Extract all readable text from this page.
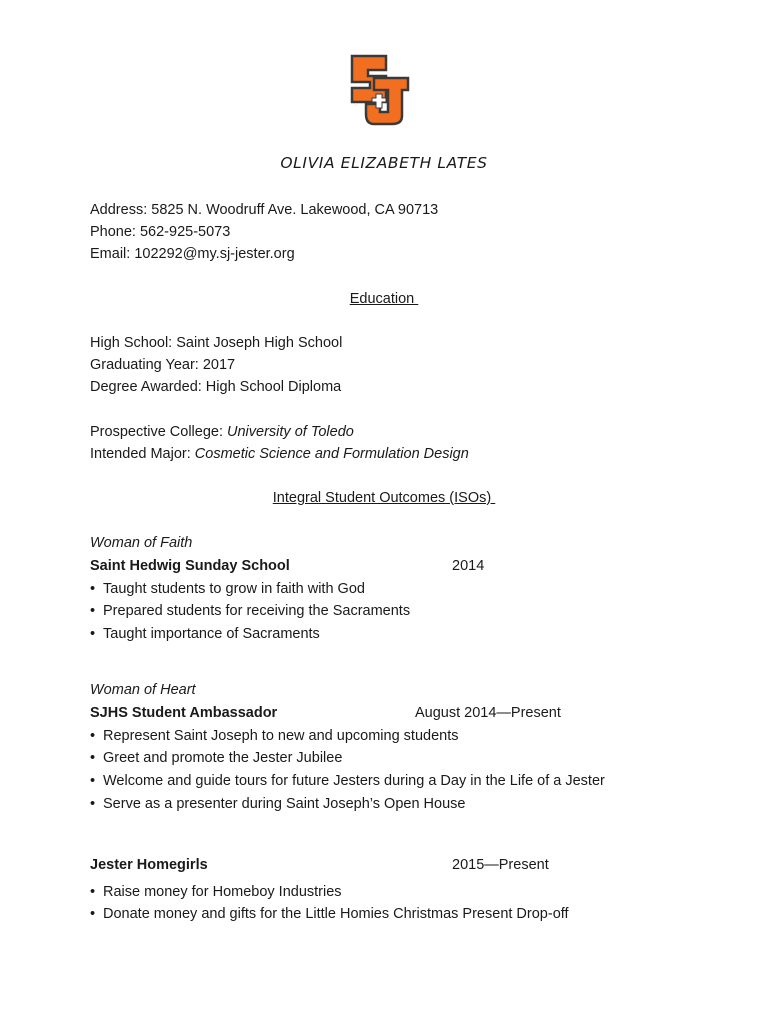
OLIVIA ELIZABETH LATES
Address: 5825 N. Woodruff Ave. Lakewood, CA 90713
Phone: 562-925-5073
Email: 102292@my.sj-jester.org
Education
High School: Saint Joseph High School
Graduating Year: 2017
Degree Awarded: High School Diploma
Prospective College: University of Toledo
Intended Major: Cosmetic Science and Formulation Design
Integral Student Outcomes (ISOs)
Woman of Faith
Saint Hedwig Sunday School	2014
• Taught students to grow in faith with God
• Prepared students for receiving the Sacraments
• Taught importance of Sacraments
Woman of Heart
SJHS Student Ambassador	August 2014—Present
• Represent Saint Joseph to new and upcoming students
• Greet and promote the Jester Jubilee
• Welcome and guide tours for future Jesters during a Day in the Life of a Jester
• Serve as a presenter during Saint Joseph’s Open House
Jester Homegirls	2015—Present
• Raise money for Homeboy Industries
• Donate money and gifts for the Little Homies Christmas Present Drop-off
